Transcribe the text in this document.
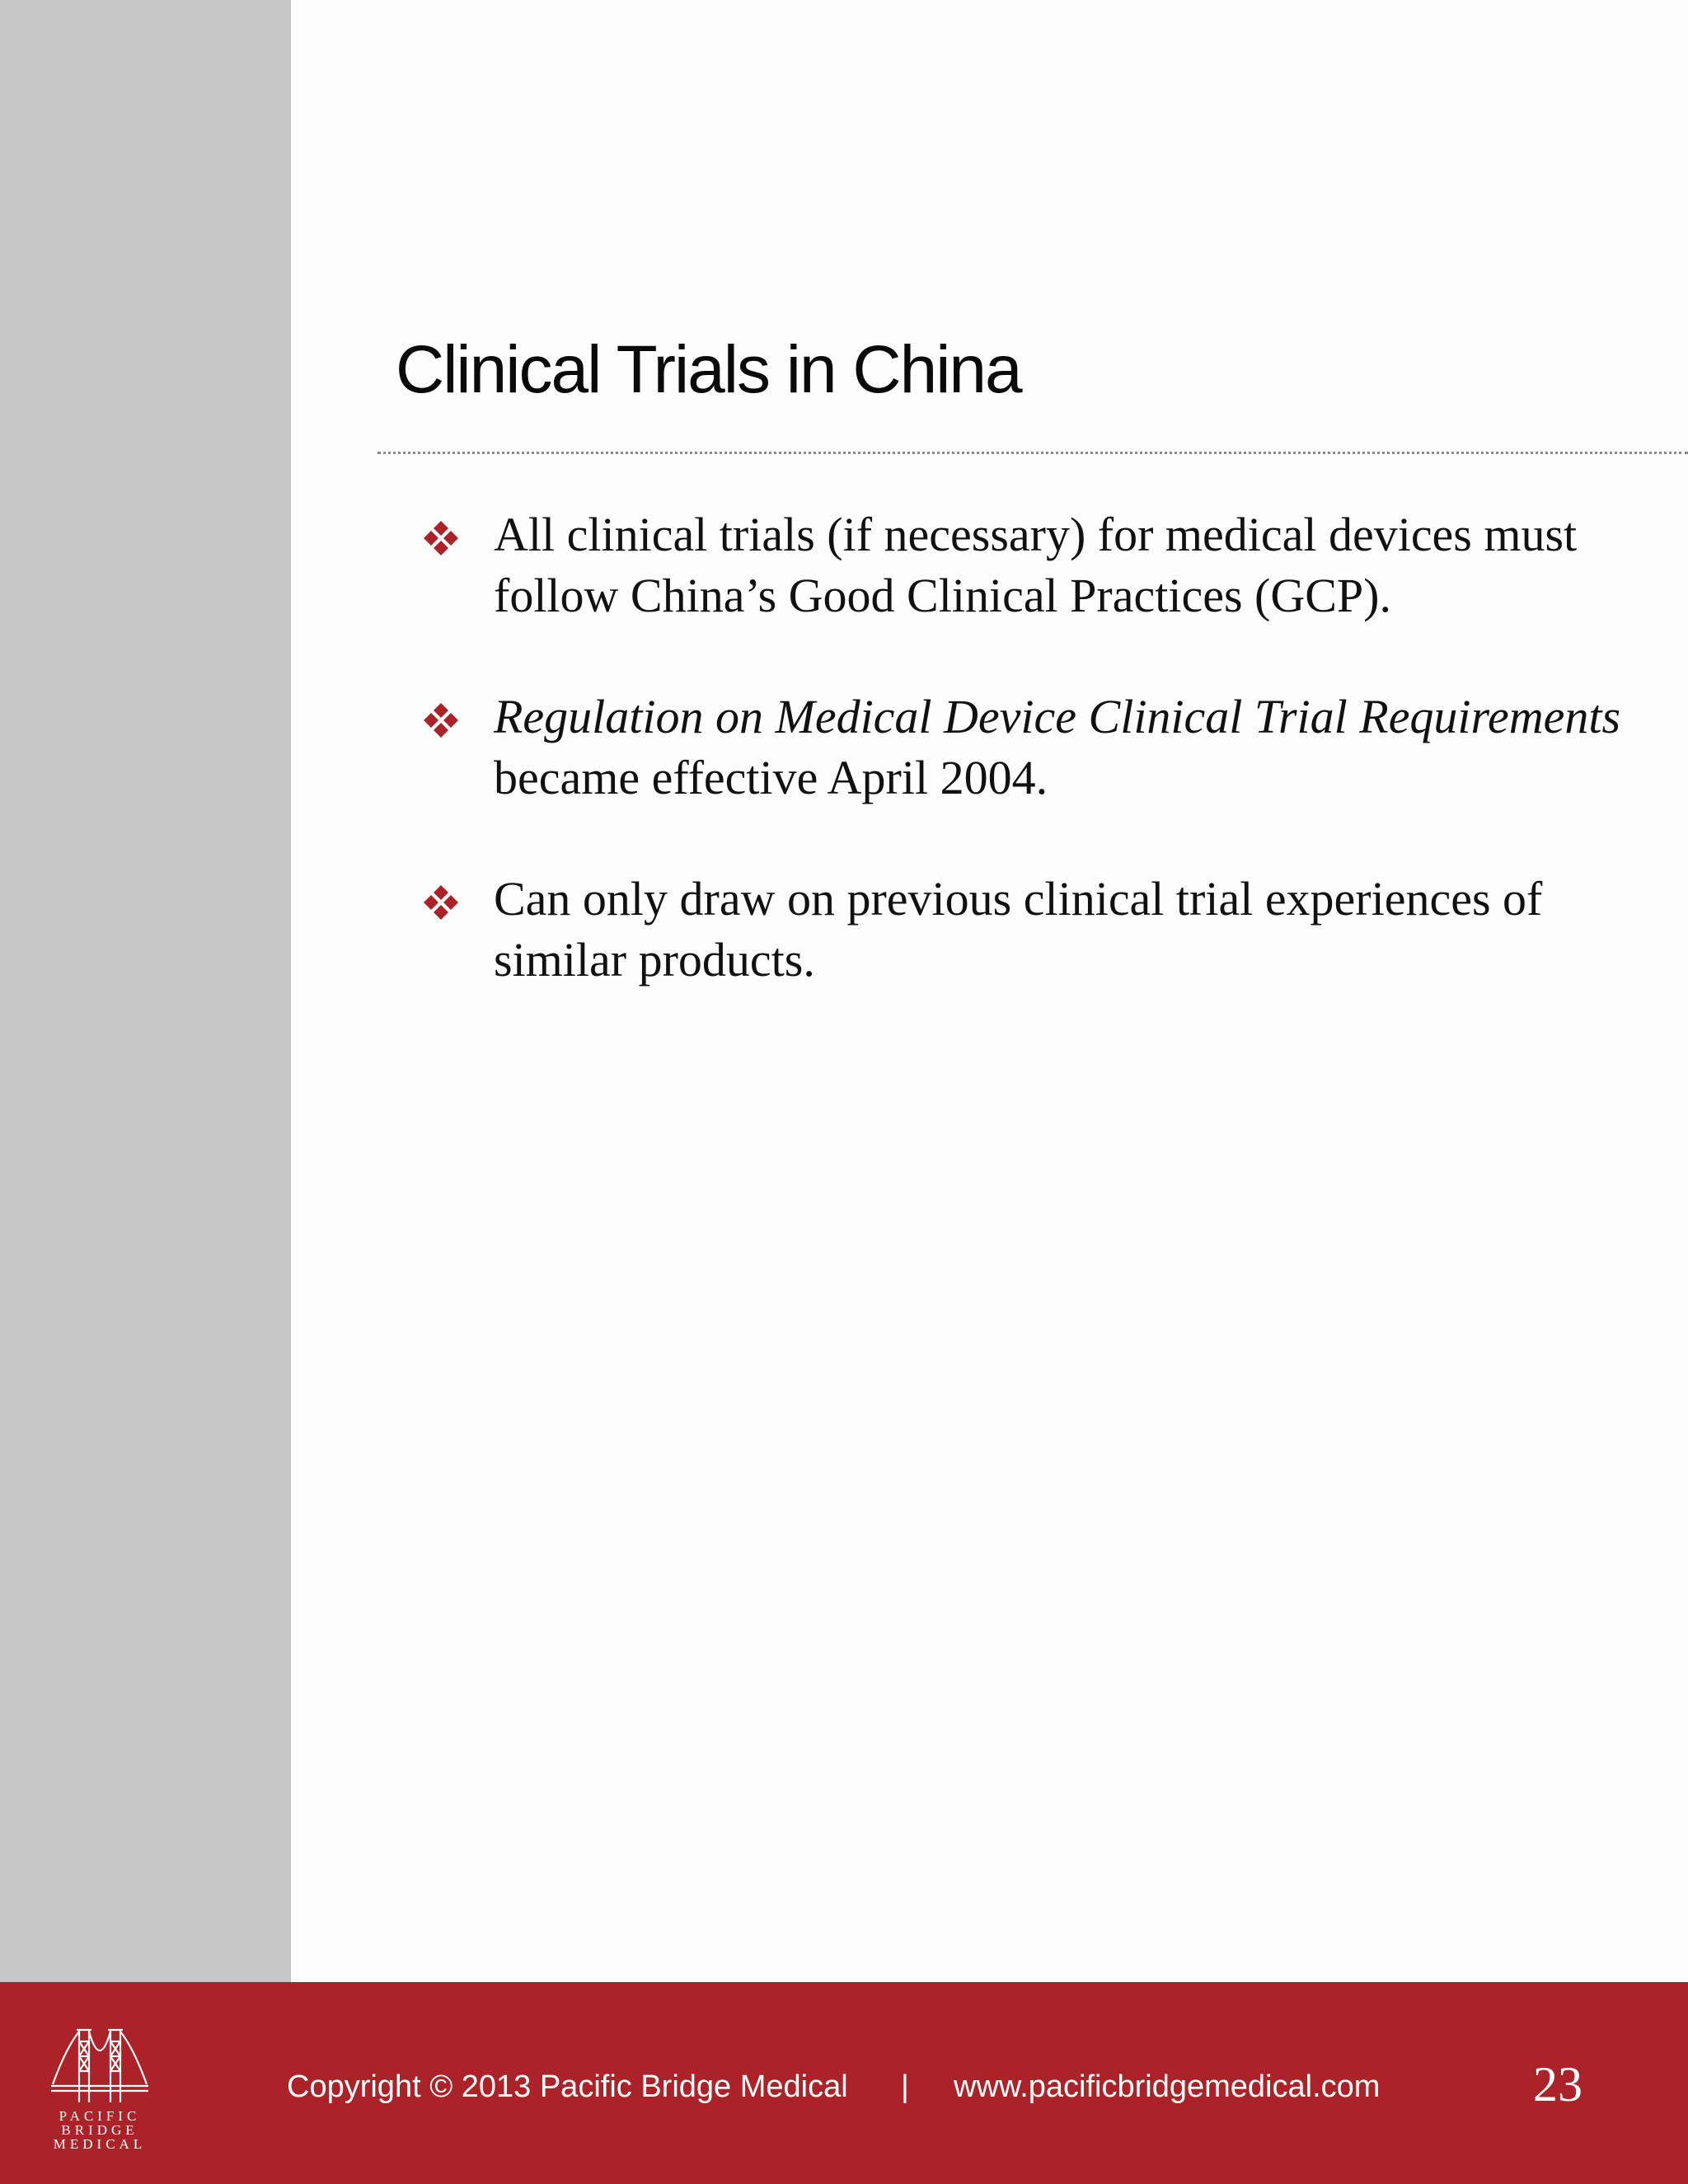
Clinical Trials in China
All clinical trials (if necessary) for medical devices must follow China’s Good Clinical Practices (GCP).
Regulation on Medical Device Clinical Trial Requirements became effective April 2004.
Can only draw on previous clinical trial experiences of similar products.
PACIFIC
BRIDGE
MEDICAL
Copyright © 2013 Pacific Bridge Medical | www.pacificbridgemedical.com	23
